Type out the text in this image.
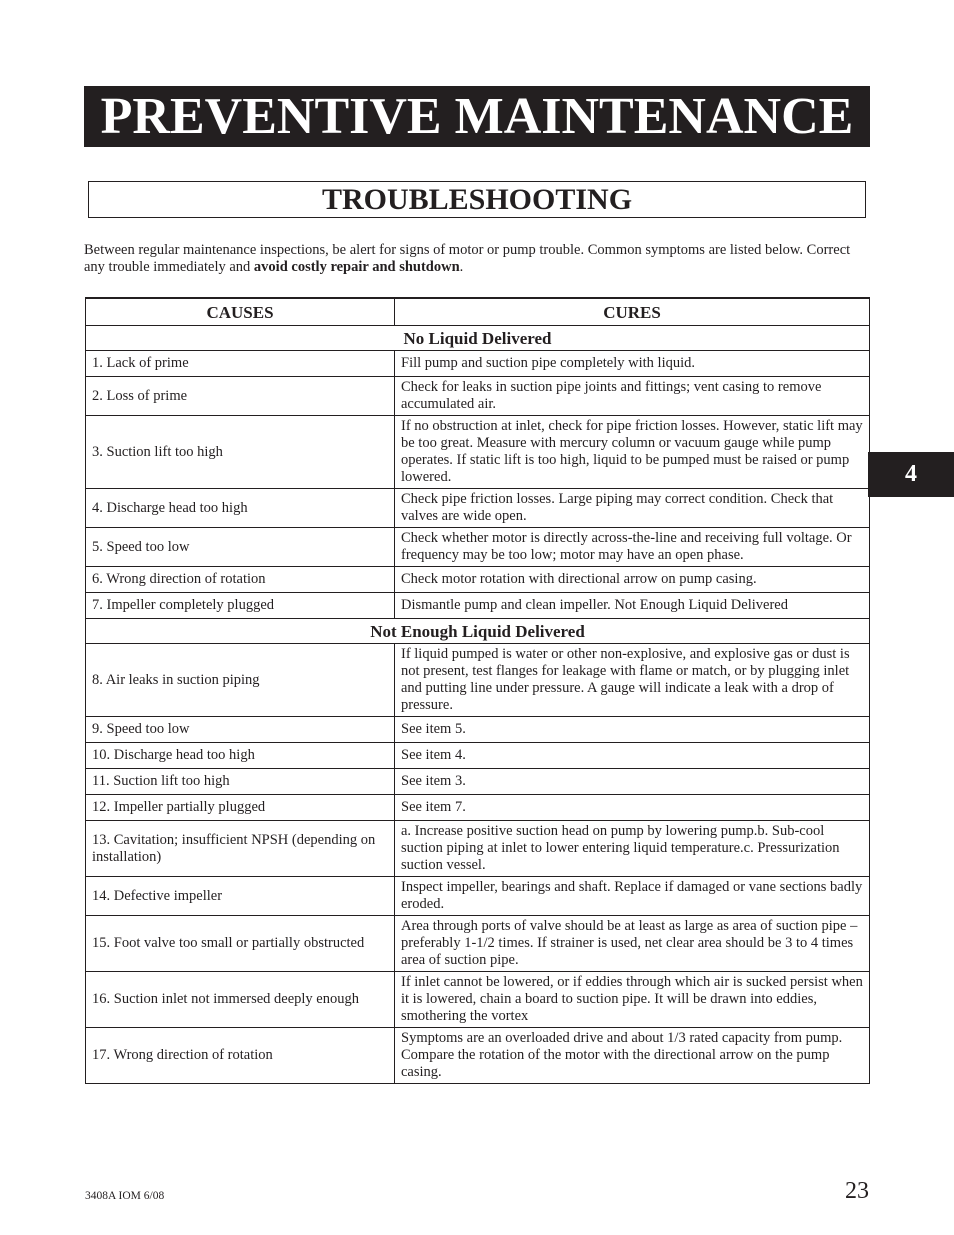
PREVENTIVE MAINTENANCE
TROUBLESHOOTING
Between regular maintenance inspections, be alert for signs of motor or pump trouble. Common symptoms are listed below. Correct any trouble immediately and avoid costly repair and shutdown.
CAUSES	CURES
No Liquid Delivered	
1. Lack of prime	Fill pump and suction pipe completely with liquid.
2. Loss of prime	Check for leaks in suction pipe joints and fittings; vent casing to remove accumulated air.
3. Suction lift too high	If no obstruction at inlet, check for pipe friction losses. However, static lift may be too great. Measure with mercury column or vacuum gauge while pump operates. If static lift is too high, liquid to be pumped must be raised or pump lowered.
4. Discharge head too high	Check pipe friction losses. Large piping may correct condition. Check that valves are wide open.
5. Speed too low	Check whether motor is directly across-the-line and receiving full voltage. Or frequency may be too low; motor may have an open phase.
6. Wrong direction of rotation	Check motor rotation with directional arrow on pump casing.
7. Impeller completely plugged	Dismantle pump and clean impeller. Not Enough Liquid Delivered
Not Enough Liquid Delivered	
8. Air leaks in suction piping	If liquid pumped is water or other non-explosive, and explosive gas or dust is not present, test flanges for leakage with flame or match, or by plugging inlet and putting line under pressure. A gauge will indicate a leak with a drop of pressure.
9. Speed too low	See item 5.
10. Discharge head too high	See item 4.
11. Suction lift too high	See item 3.
12. Impeller partially plugged	See item 7.
13. Cavitation; insufficient NPSH (depending on installation)	a. Increase positive suction head on pump by lowering pump.b. Sub-cool suction piping at inlet to lower entering liquid temperature.c. Pressurization suction vessel.
14. Defective impeller	Inspect impeller, bearings and shaft. Replace if damaged or vane sections badly eroded.
15. Foot valve too small or partially obstructed	Area through ports of valve should be at least as large as area of suction pipe – preferably 1-1/2 times. If strainer is used, net clear area should be 3 to 4 times area of suction pipe.
16. Suction inlet not immersed deeply enough	If inlet cannot be lowered, or if eddies through which air is sucked persist when it is lowered, chain a board to suction pipe. It will be drawn into eddies, smothering the vortex
17. Wrong direction of rotation	Symptoms are an overloaded drive and about 1/3 rated capacity from pump. Compare the rotation of the motor with the directional arrow on the pump casing.
4
3408A IOM 6/08	23
